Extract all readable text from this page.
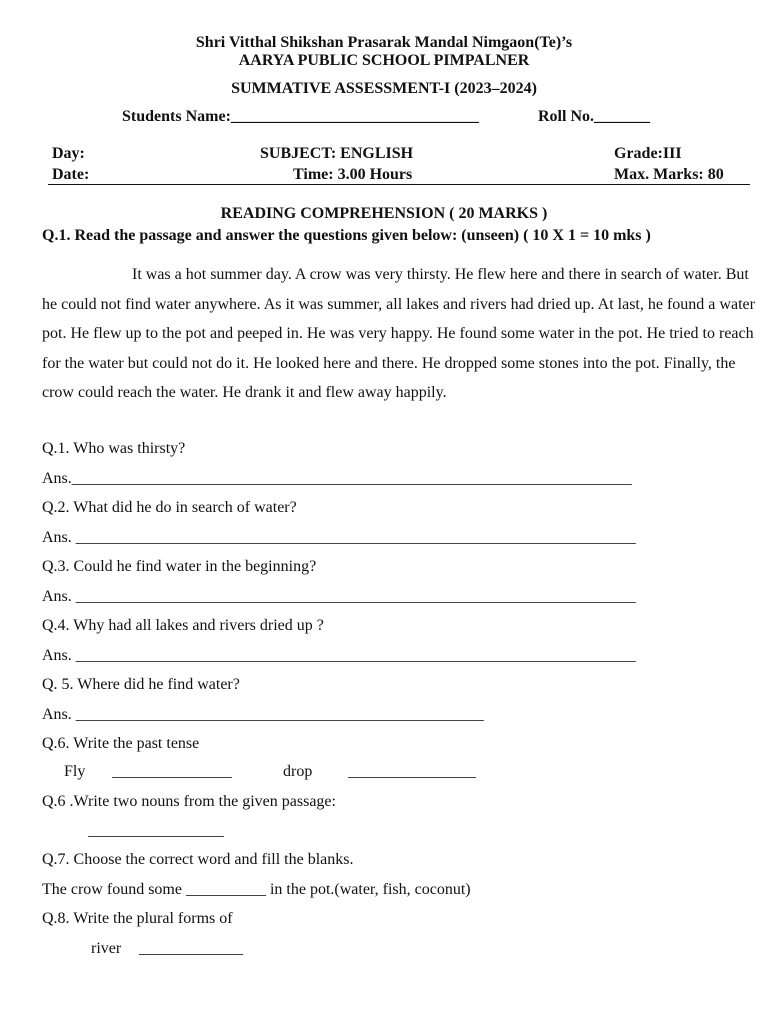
Shri Vitthal Shikshan Prasarak Mandal Nimgaon(Te)’s
AARYA PUBLIC SCHOOL PIMPALNER
SUMMATIVE ASSESSMENT-I (2023–2024)
Students Name:_______________________________	Roll No._______
Day:	SUBJECT: ENGLISH	Grade:III
Date:	Time: 3.00 Hours	Max. Marks: 80
READING COMPREHENSION ( 20 MARKS )
Q.1. Read the passage and answer the questions given below: (unseen) ( 10 X 1 = 10 mks )
It was a hot summer day. A crow was very thirsty. He flew here and there in search of water. But he could not find water anywhere. As it was summer, all lakes and rivers had dried up. At last, he found a water pot. He flew up to the pot and peeped in. He was very happy. He found some water in the pot. He tried to reach for the water but could not do it. He looked here and there. He dropped some stones into the pot. Finally, the crow could reach the water. He drank it and flew away happily.
Q.1. Who was thirsty?
Ans.______________________________________________________________________
Q.2. What did he do in search of water?
Ans. ______________________________________________________________________
Q.3. Could he find water in the beginning?
Ans. ______________________________________________________________________
Q.4. Why had all lakes and rivers dried up ?
Ans. ______________________________________________________________________
Q. 5. Where did he find water?
Ans. ___________________________________________________
Q.6. Write the past tense
Fly _______________	drop ________________
Q.6 .Write two nouns from the given passage:
_________________
Q.7. Choose the correct word and fill the blanks.
The crow found some __________ in the pot.(water, fish, coconut)
Q.8. Write the plural forms of
river _____________
